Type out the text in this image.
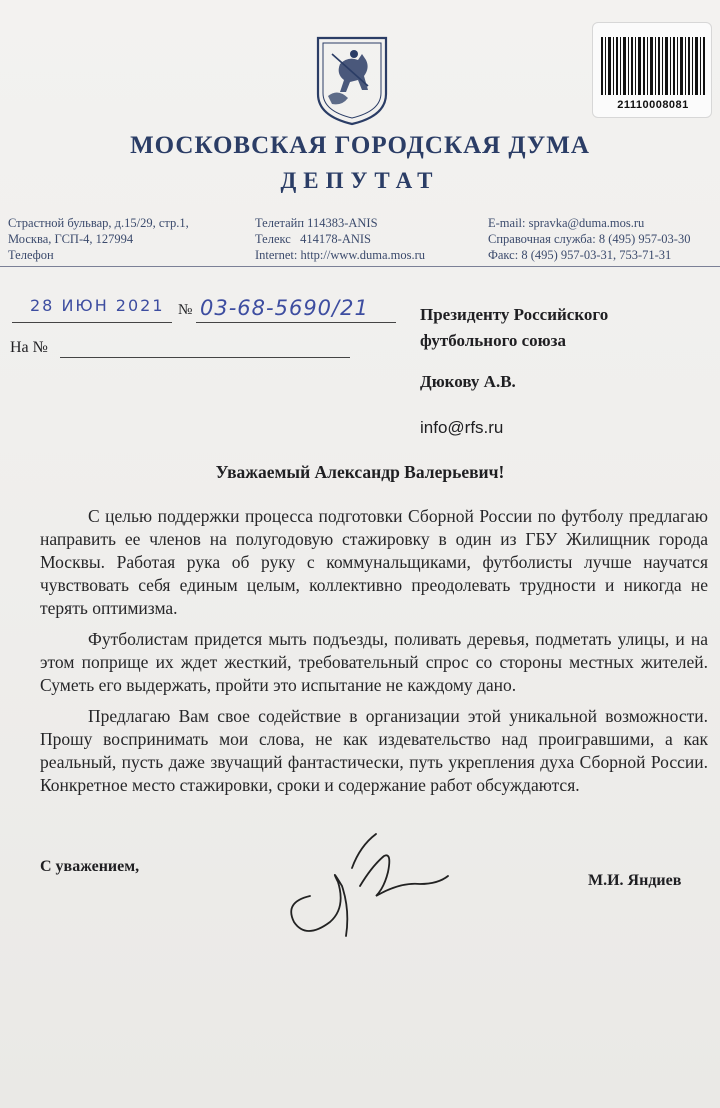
21110008081
МОСКОВСКАЯ ГОРОДСКАЯ ДУМА
ДЕПУТАТ
Страстной бульвар, д.15/29, стр.1,
Москва, ГСП-4, 127994
Телефон
Телетайп 114383-ANIS
Телекс   414178-ANIS
Internet: http://www.duma.mos.ru
E-mail: spravka@duma.mos.ru
Справочная служба: 8 (495) 957-03-30
Факс: 8 (495) 957-03-31, 753-71-31
28 ИЮН 2021 № 03-68-5690/21
На №
Президенту Российского
футбольного союза
Дюкову А.В.
info@rfs.ru
Уважаемый Александр Валерьевич!

С целью поддержки процесса подготовки Сборной России по футболу предлагаю направить ее членов на полугодовую стажировку в один из ГБУ Жилищник города Москвы. Работая рука об руку с коммунальщиками, футболисты лучше научатся чувствовать себя единым целым, коллективно преодолевать трудности и никогда не терять оптимизма.

Футболистам придется мыть подъезды, поливать деревья, подметать улицы, и на этом поприще их ждет жесткий, требовательный спрос со стороны местных жителей. Суметь его выдержать, пройти это испытание не каждому дано.

Предлагаю Вам свое содействие в организации этой уникальной возможности. Прошу воспринимать мои слова, не как издевательство над проигравшими, а как реальный, пусть даже звучащий фантастически, путь укрепления духа Сборной России. Конкретное место стажировки, сроки и содержание работ обсуждаются.

С уважением,
М.И. Яндиев
